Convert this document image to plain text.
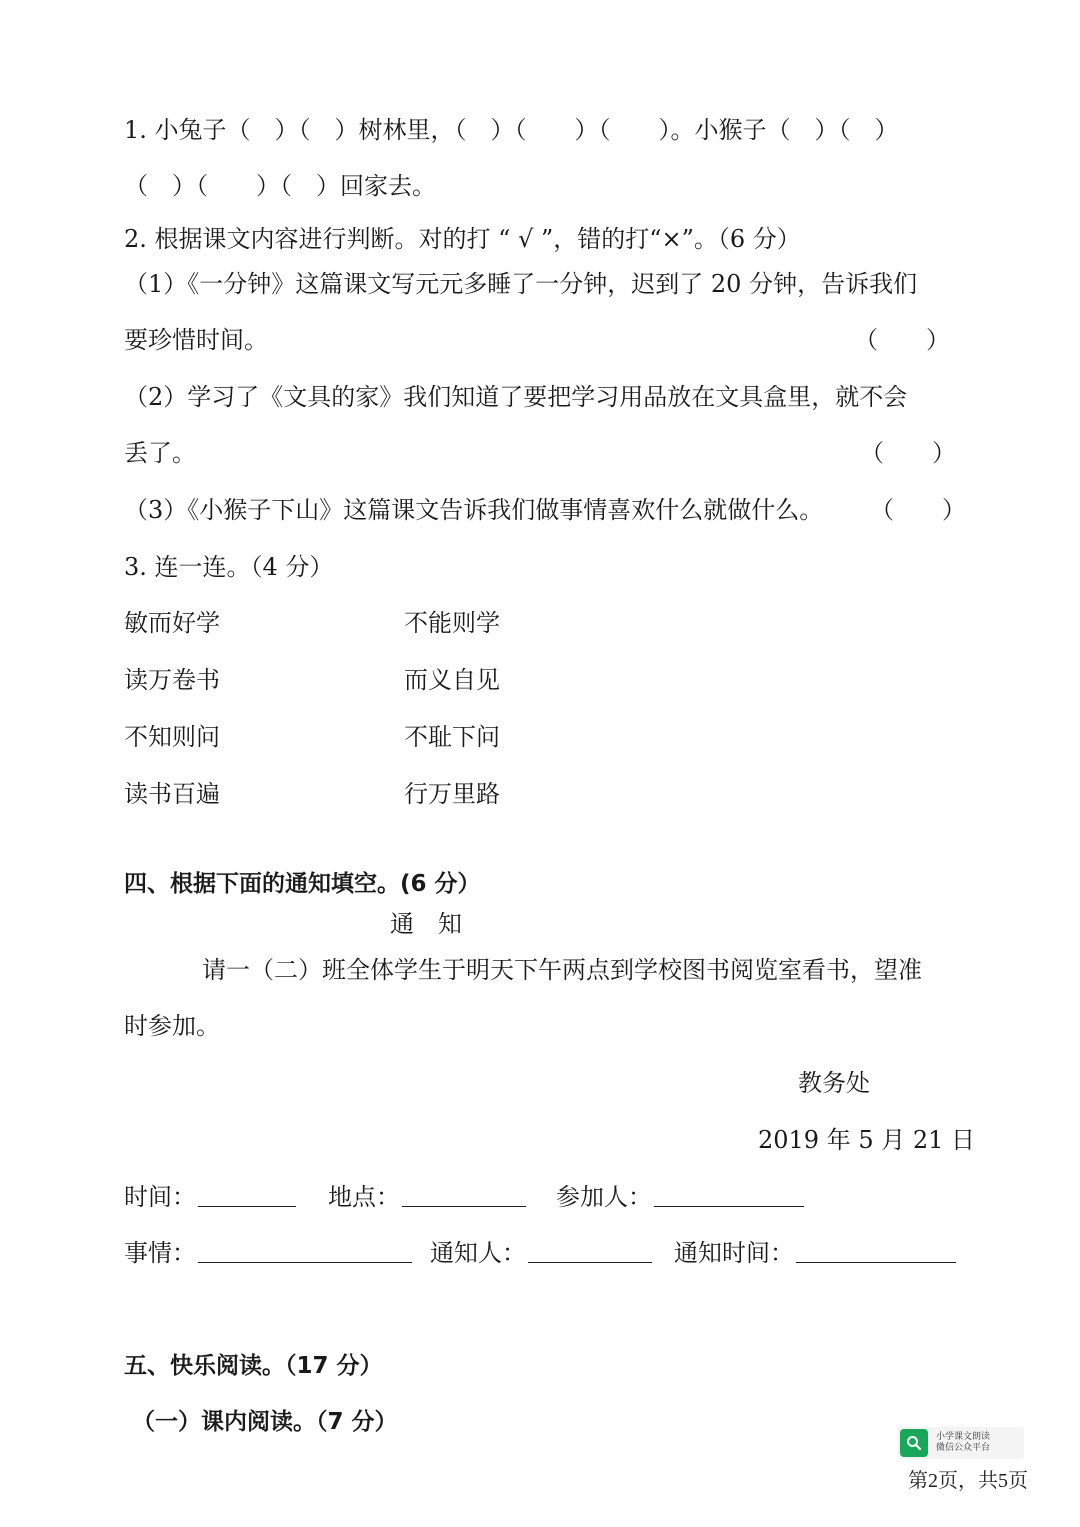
1. 小兔子（　）（　）树林里，（　）（　　）（　　）。小猴子（　）（　）
（　）（　　）（　）回家去。
2. 根据课文内容进行判断。对的打 “ √ ”，错的打“×”。（6 分）
（1）《一分钟》这篇课文写元元多睡了一分钟，迟到了 20 分钟，告诉我们
要珍惜时间。	（　　）
（2）学习了《文具的家》我们知道了要把学习用品放在文具盒里，就不会
丢了。	（　　）
（3）《小猴子下山》这篇课文告诉我们做事情喜欢什么就做什么。 （　　）
3. 连一连。（4 分）
敏而好学	不能则学
读万卷书	而义自见
不知则问	不耻下问
读书百遍	行万里路
四、根据下面的通知填空。(6 分）
通　知
请一（二）班全体学生于明天下午两点到学校图书阅览室看书，望准
时参加。
教务处
2019 年 5 月 21 日
时间：	地点：	参加人：
事情：	通知人：	通知时间：
五、快乐阅读。（17 分）
（一）课内阅读。（7 分）
小学课文朗读
微信公众平台
第2页，共5页
